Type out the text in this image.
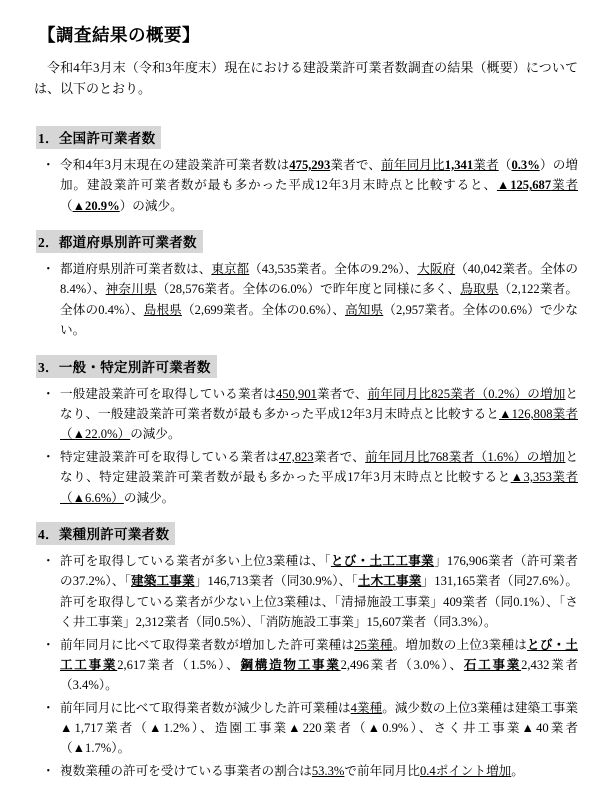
【調査結果の概要】

令和4年3月末（令和3年度末）現在における建設業許可業者数調査の結果（概要）については、以下のとおり。

1．全国許可業者数
・ 令和4年3月末現在の建設業許可業者数は475,293業者で、前年同月比1,341業者（0.3%）の増加。建設業許可業者数が最も多かった平成12年3月末時点と比較すると、▲125,687業者（▲20.9%）の減少。
2．都道府県別許可業者数
・ 都道府県別許可業者数は、東京都（43,535業者。全体の9.2%）、大阪府（40,042業者。全体の8.4%）、神奈川県（28,576業者。全体の6.0%）で昨年度と同様に多く、鳥取県（2,122業者。全体の0.4%）、島根県（2,699業者。全体の0.6%）、高知県（2,957業者。全体の0.6%）で少ない。
3．一般・特定別許可業者数
・ 一般建設業許可を取得している業者は450,901業者で、前年同月比825業者（0.2%）の増加となり、一般建設業許可業者数が最も多かった平成12年3月末時点と比較すると▲126,808業者（▲22.0%）の減少。
・ 特定建設業許可を取得している業者は47,823業者で、前年同月比768業者（1.6%）の増加となり、特定建設業許可業者数が最も多かった平成17年3月末時点と比較すると▲3,353業者（▲6.6%）の減少。
4．業種別許可業者数
・ 許可を取得している業者が多い上位3業種は、「とび・土工工事業」176,906業者（許可業者の37.2%）、「建築工事業」146,713業者（同30.9%）、「土木工事業」131,165業者（同27.6%）。許可を取得している業者が少ない上位3業種は、「清掃施設工事業」409業者（同0.1%）、「さく井工事業」2,312業者（同0.5%）、「消防施設工事業」15,607業者（同3.3%）。
・ 前年同月に比べて取得業者数が増加した許可業種は25業種。増加数の上位3業種はとび・土工工事業2,617業者（1.5%）、鋼構造物工事業2,496業者（3.0%）、石工事業2,432業者（3.4%）。
・ 前年同月に比べて取得業者数が減少した許可業種は4業種。減少数の上位3業種は建築工事業▲1,717業者（▲1.2%）、造園工事業▲220業者（▲0.9%）、さく井工事業▲40業者（▲1.7%）。
・ 複数業種の許可を受けている事業者の割合は53.3%で前年同月比0.4ポイント増加。
